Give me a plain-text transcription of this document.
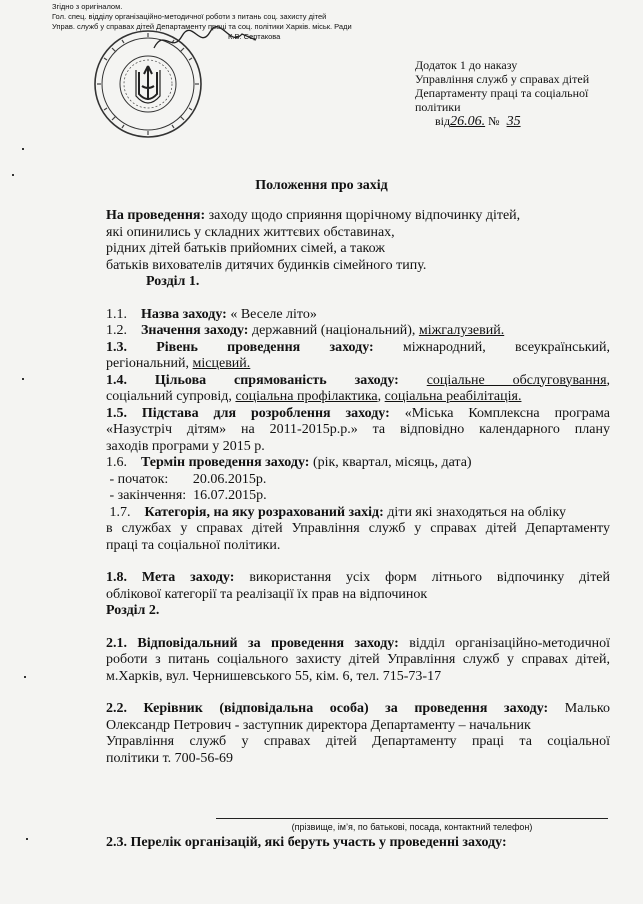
Згідно з оригіналом.
Гол. спец. відділу організаційно-методичної роботи з питань соц. захисту дітей
Управ. служб у справах дітей Департаменту праці та соц. політики Харків. міськ. Ради
К.В. Сертакова
Додаток 1 до наказу
Управління служб у справах дітей
Департаменту праці та соціальної
політики
від26.06. № 35
Положення про захід
На проведення: заходу щодо сприяння щорічному відпочинку дітей,
які опинились у складних життєвих обставинах,
рідних дітей батьків прийомних сімей, а також
батьків вихователів дитячих будинків сімейного типу.
Розділ 1.
1.1. Назва заходу: « Веселе літо»
1.2. Значення заходу: державний (національний), міжгалузевий.
1.3. Рівень проведення заходу: міжнародний, всеукраїнський,
регіональний, місцевий.
1.4. Цільова спрямованість заходу: соціальне обслуговування,
соціальний супровід, соціальна профілактика, соціальна реабілітація.
1.5. Підстава для розроблення заходу: «Міська Комплексна програма
«Назустріч дітям» на 2011-2015р.р.» та відповідно календарного плану
заходів програми у 2015 р.
1.6. Термін проведення заходу: (рік, квартал, місяць, дата)
- початок: 20.06.2015р.
- закінчення: 16.07.2015р.
1.7. Категорія, на яку розрахований захід: діти які знаходяться на обліку
в службах у справах дітей Управління служб у справах дітей Департаменту
праці та соціальної політики.
1.8. Мета заходу: використання усіх форм літнього відпочинку дітей
облікової категорії та реалізації їх прав на відпочинок
Розділ 2.
2.1. Відповідальний за проведення заходу: відділ організаційно-методичної
роботи з питань соціального захисту дітей Управління служб у справах дітей,
м.Харків, вул. Чернишевського 55, кім. 6, тел. 715-73-17
2.2. Керівник (відповідальна особа) за проведення заходу: Малько
Олександр Петрович - заступник директора Департаменту – начальник
Управління служб у справах дітей Департаменту праці та соціальної
політики т. 700-56-69
(прізвище, ім’я, по батькові, посада, контактний телефон)
2.3. Перелік організацій, які беруть участь у проведенні заходу:
